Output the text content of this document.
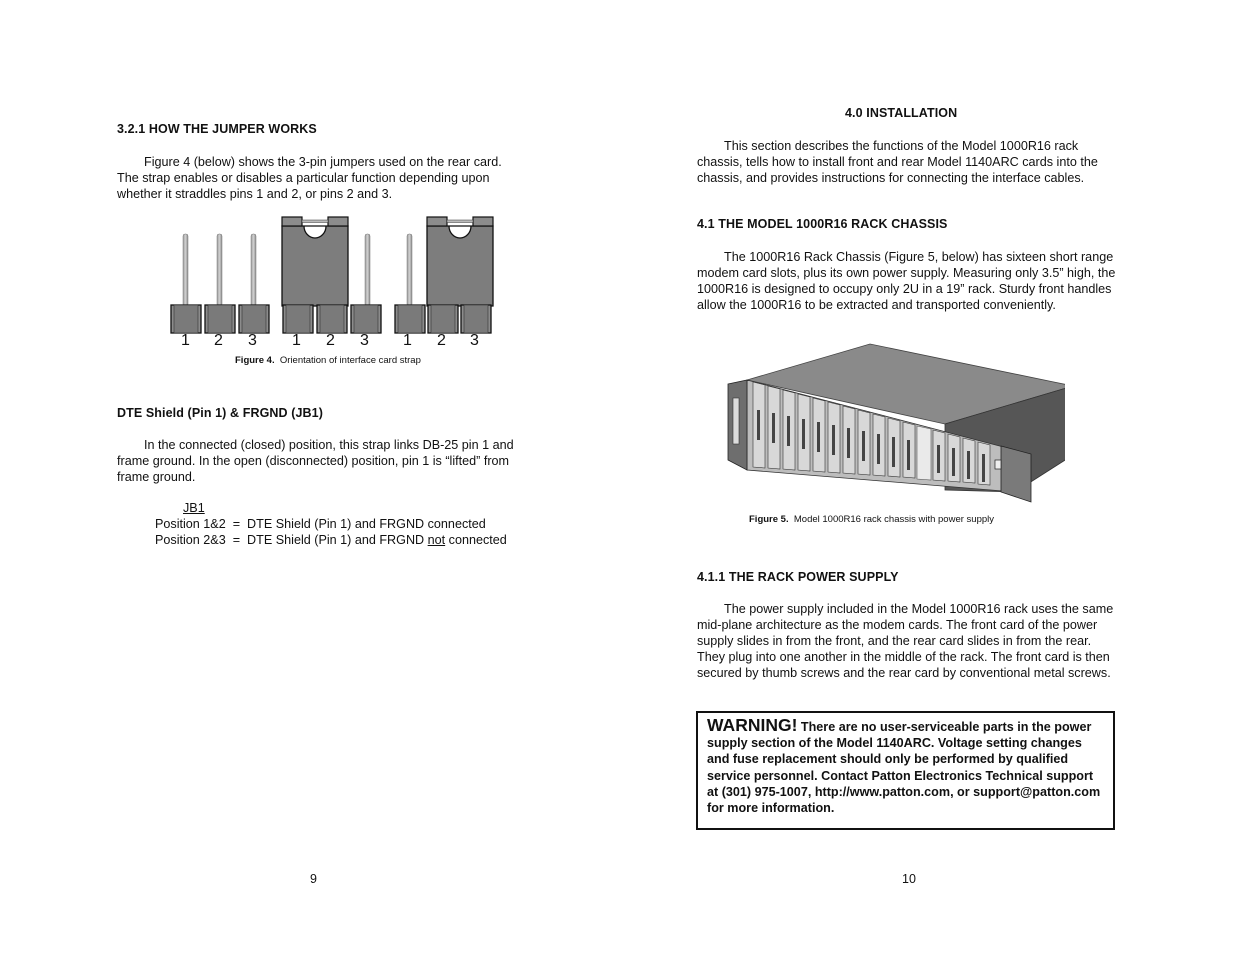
3.2.1 HOW THE JUMPER WORKS

Figure 4 (below) shows the 3-pin jumpers used on the rear card. The strap enables or disables a particular function depending upon whether it straddles pins 1 and 2, or pins 2 and 3.

1 2 3 1 2 3 1 2 3
Figure 4. Orientation of interface card strap
DTE Shield (Pin 1) & FRGND (JB1)

In the connected (closed) position, this strap links DB-25 pin 1 and frame ground. In the open (disconnected) position, pin 1 is “lifted” from frame ground.

JB1
Position 1&2  =  DTE Shield (Pin 1) and FRGND connected
Position 2&3  =  DTE Shield (Pin 1) and FRGND not connected
9
4.0 INSTALLATION

This section describes the functions of the Model 1000R16 rack chassis, tells how to install front and rear Model 1140ARC cards into the chassis, and provides instructions for connecting the interface cables.

4.1 THE MODEL 1000R16 RACK CHASSIS

The 1000R16 Rack Chassis (Figure 5, below) has sixteen short range modem card slots, plus its own power supply. Measuring only 3.5” high, the 1000R16 is designed to occupy only 2U in a 19” rack. Sturdy front handles allow the 1000R16 to be extracted and transported conveniently.

Figure 5. Model 1000R16 rack chassis with power supply
4.1.1 THE RACK POWER SUPPLY

The power supply included in the Model 1000R16 rack uses the same mid-plane architecture as the modem cards. The front card of the power supply slides in from the front, and the rear card slides in from the rear. They plug into one another in the middle of the rack. The front card is then secured by thumb screws and the rear card by conventional metal screws.

WARNING! There are no user-serviceable parts in the power supply section of the Model 1140ARC. Voltage setting changes and fuse replacement should only be performed by qualified service personnel. Contact Patton Electronics Technical support at (301) 975-1007, http://www.patton.com, or support@patton.com for more information.
10
